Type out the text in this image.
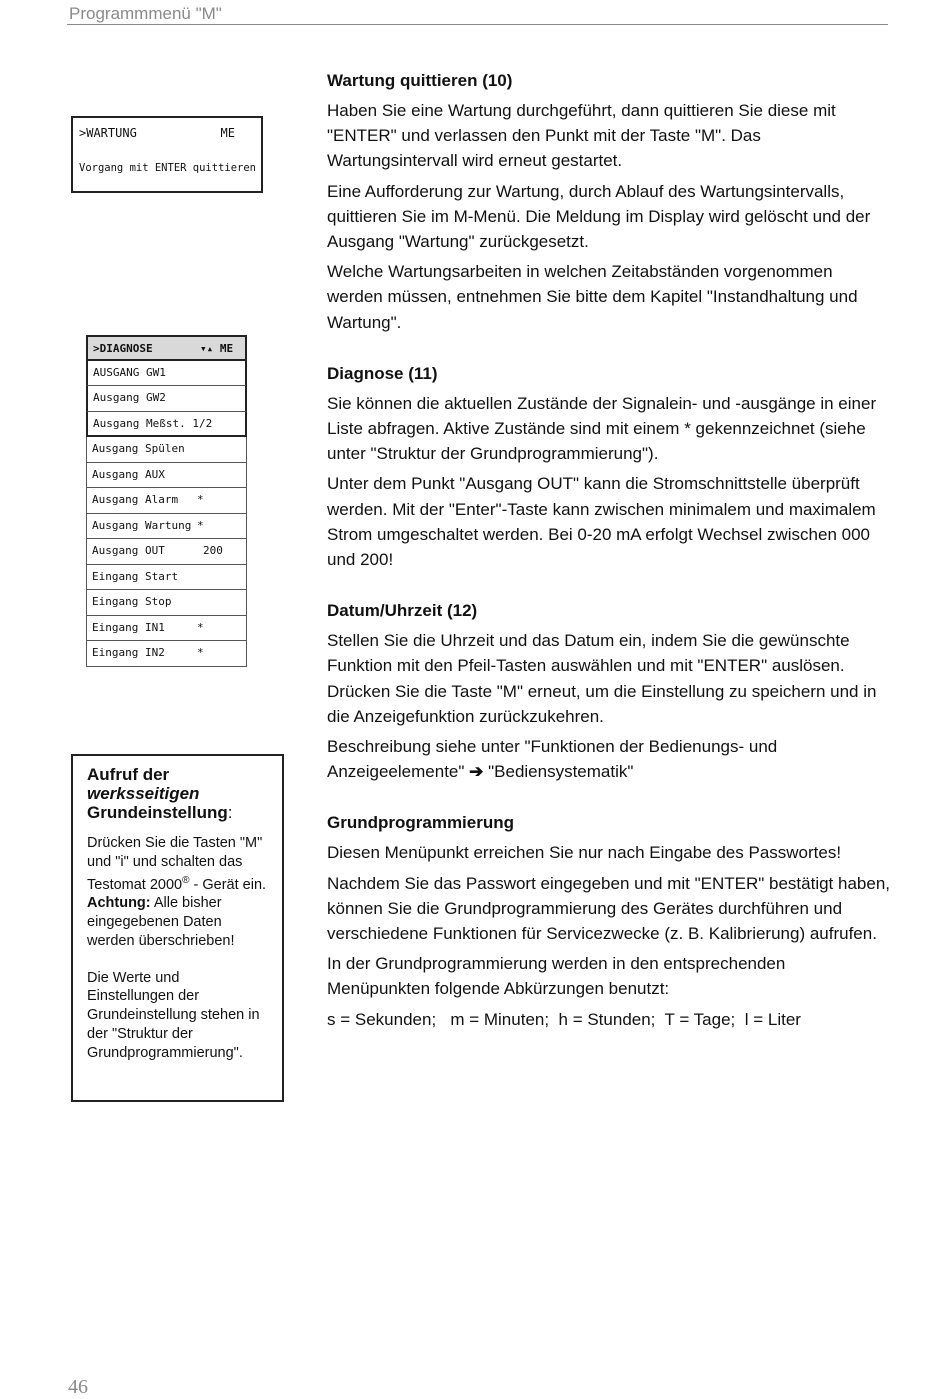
Programmmenü "M"
>WARTUNG	ME
Vorgang mit ENTER quittieren
>DIAGNOSE	▾▴ ME
AUSGANG GW1
Ausgang GW2
Ausgang Meßst. 1/2
Ausgang Spülen
Ausgang AUX
Ausgang Alarm *
Ausgang Wartung *
Ausgang OUT	200
Eingang Start
Eingang Stop
Eingang IN1	*
Eingang IN2	*
Aufruf der werksseitigen Grundeinstellung:

Drücken Sie die Tasten "M" und "i" und schalten das Testomat 2000® - Gerät ein.
Achtung: Alle bisher eingegebenen Daten werden überschrieben!

Die Werte und Einstellungen der Grundeinstellung stehen in der "Struktur der Grundprogrammierung".

Wartung quittieren (10)

Haben Sie eine Wartung durchgeführt, dann quittieren Sie diese mit "ENTER" und verlassen den Punkt mit der Taste "M". Das Wartungsintervall wird erneut gestartet.

Eine Aufforderung zur Wartung, durch Ablauf des Wartungsintervalls, quittieren Sie im M-Menü. Die Meldung im Display wird gelöscht und der Ausgang "Wartung" zurückgesetzt.

Welche Wartungsarbeiten in welchen Zeitabständen vorgenommen werden müssen, entnehmen Sie bitte dem Kapitel "Instandhaltung und Wartung".

Diagnose (11)

Sie können die aktuellen Zustände der Signalein- und -ausgänge in einer Liste abfragen. Aktive Zustände sind mit einem * gekennzeichnet (siehe unter "Struktur der Grundprogrammierung").

Unter dem Punkt "Ausgang OUT" kann die Stromschnittstelle überprüft werden. Mit der "Enter"-Taste kann zwischen minimalem und maximalem Strom umgeschaltet werden. Bei 0-20 mA erfolgt Wechsel zwischen 000 und 200!

Datum/Uhrzeit (12)

Stellen Sie die Uhrzeit und das Datum ein, indem Sie die gewünschte Funktion mit den Pfeil-Tasten auswählen und mit "ENTER" auslösen. Drücken Sie die Taste "M" erneut, um die Einstellung zu speichern und in die Anzeigefunktion zurückzukehren.

Beschreibung siehe unter "Funktionen der Bedienungs- und Anzeigeelemente" ➔ "Bediensystematik"

Grundprogrammierung

Diesen Menüpunkt erreichen Sie nur nach Eingabe des Passwortes!

Nachdem Sie das Passwort eingegeben und mit "ENTER" bestätigt haben, können Sie die Grundprogrammierung des Gerätes durchführen und verschiedene Funktionen für Servicezwecke (z. B. Kalibrierung) aufrufen.

In der Grundprogrammierung werden in den entsprechenden Menüpunkten folgende Abkürzungen benutzt:

s = Sekunden;   m = Minuten;  h = Stunden;  T = Tage;  l = Liter

46
